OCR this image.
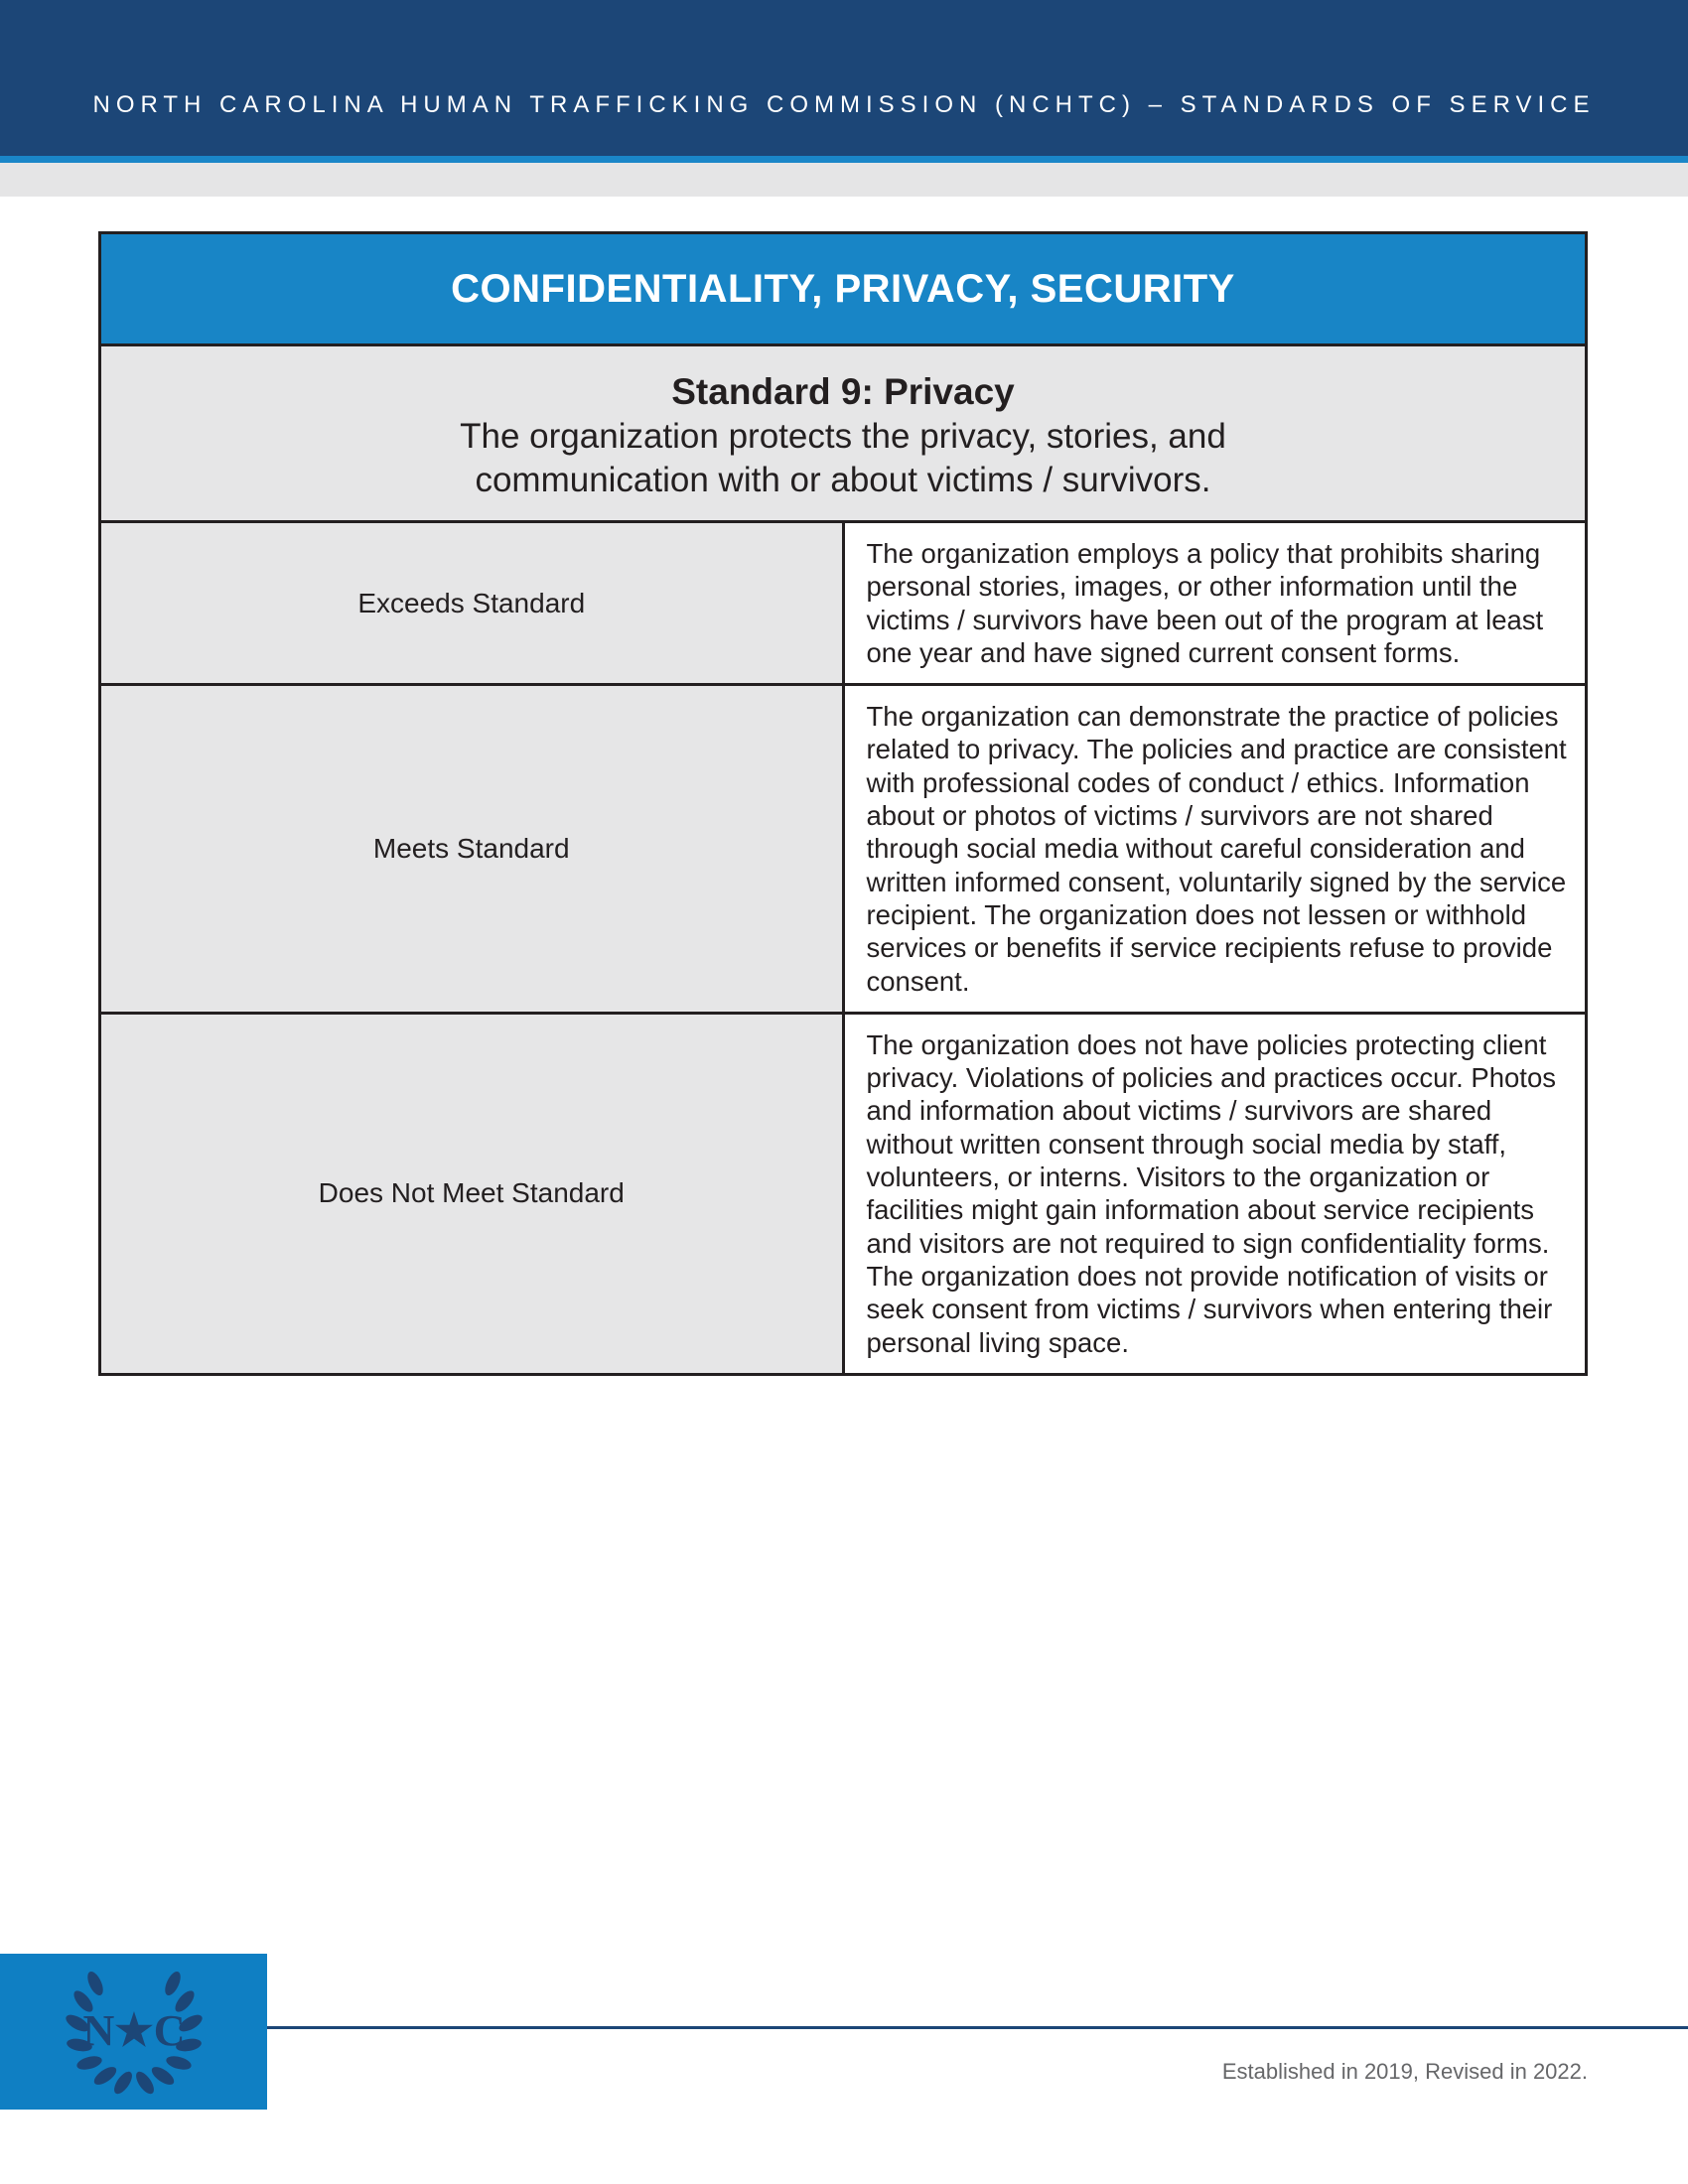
NORTH CAROLINA HUMAN TRAFFICKING COMMISSION (NCHTC) – STANDARDS OF SERVICE
CONFIDENTIALITY, PRIVACY, SECURITY	

Standard 9: Privacy
The organization protects the privacy, stories, and communication with or about victims / survivors.	

Exceeds Standard	The organization employs a policy that prohibits sharing personal stories, images, or other information until the victims / survivors have been out of the program at least one year and have signed current consent forms.
Meets Standard	The organization can demonstrate the practice of policies related to privacy. The policies and practice are consistent with professional codes of conduct / ethics. Information about or photos of victims / survivors are not shared through social media without careful consideration and written informed consent, voluntarily signed by the service recipient. The organization does not lessen or withhold services or benefits if service recipients refuse to provide consent.
Does Not Meet Standard	The organization does not have policies protecting client privacy. Violations of policies and practices occur. Photos and information about victims / survivors are shared without written consent through social media by staff, volunteers, or interns. Visitors to the organization or facilities might gain information about service recipients and visitors are not required to sign confidentiality forms. The organization does not provide notification of visits or seek consent from victims / survivors when entering their personal living space.
N★C
Established in 2019, Revised in 2022.
